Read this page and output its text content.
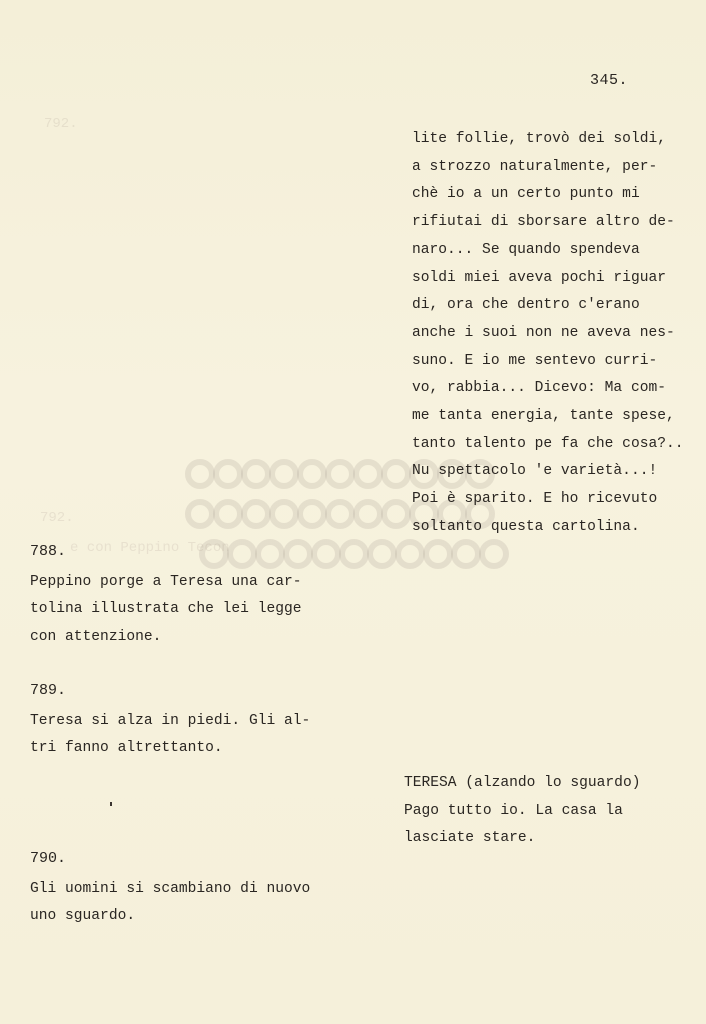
345.
792.
792.
e con Peppino Tecon
lite follie, trovò dei soldi,
a strozzo naturalmente, per-
chè io a un certo punto mi
rifiutai di sborsare altro de-
naro... Se quando spendeva
soldi miei aveva pochi riguar
di, ora che dentro c'erano
anche i suoi non ne aveva nes-
suno. E io me sentevo curri-
vo, rabbia... Dicevo: Ma com-
me tanta energia, tante spese,
tanto talento pe fa che cosa?..
Nu spettacolo 'e varietà...!
Poi è sparito. E ho ricevuto
soltanto questa cartolina.
788.
Peppino porge a Teresa una car-
tolina illustrata che lei legge
con attenzione.
789.
Teresa si alza in piedi. Gli al-
tri fanno altrettanto.
TERESA (alzando lo sguardo)
Pago tutto io. La casa la
lasciate stare.
790.
Gli uomini si scambiano di nuovo
uno sguardo.
